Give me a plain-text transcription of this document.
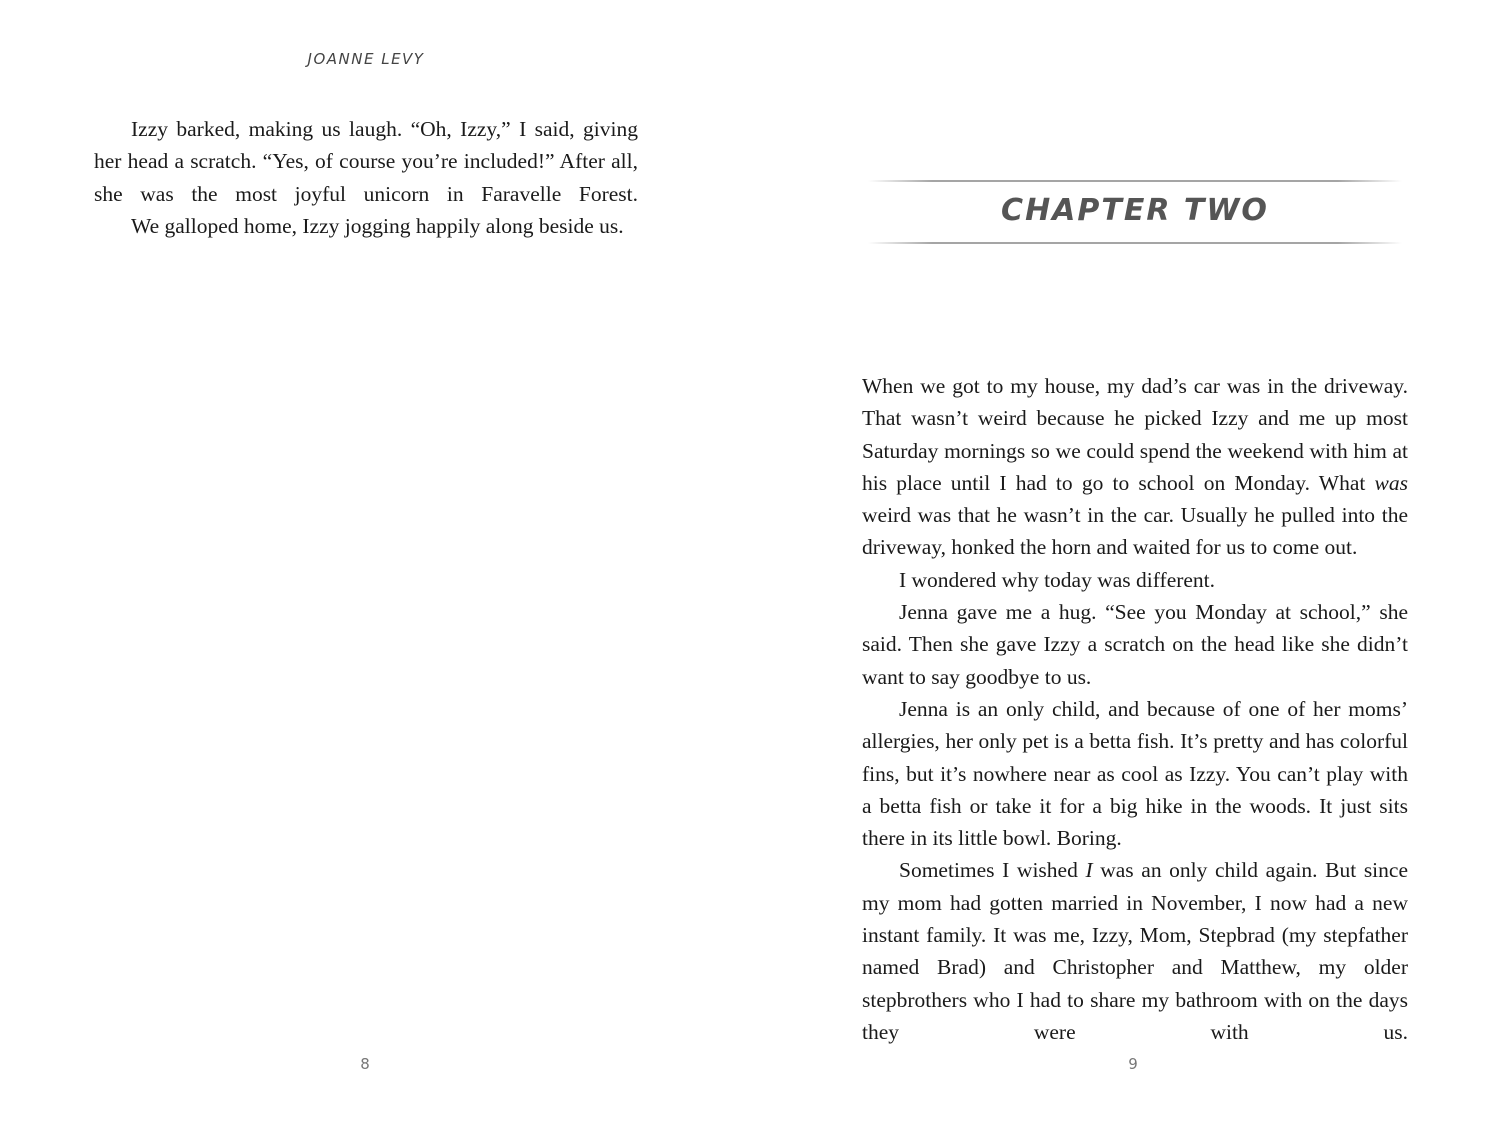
JOANNE LEVY

Izzy barked, making us laugh. “Oh, Izzy,” I said, giving her head a scratch. “Yes, of course you’re included!” After all, she was the most joyful unicorn in Faravelle Forest.

We galloped home, Izzy jogging happily along beside us.

8
CHAPTER TWO

When we got to my house, my dad’s car was in the driveway. That wasn’t weird because he picked Izzy and me up most Saturday mornings so we could spend the weekend with him at his place until I had to go to school on Monday. What was weird was that he wasn’t in the car. Usually he pulled into the driveway, honked the horn and waited for us to come out.

I wondered why today was different.

Jenna gave me a hug. “See you Monday at school,” she said. Then she gave Izzy a scratch on the head like she didn’t want to say goodbye to us.

Jenna is an only child, and because of one of her moms’ allergies, her only pet is a betta fish. It’s pretty and has colorful fins, but it’s nowhere near as cool as Izzy. You can’t play with a betta fish or take it for a big hike in the woods. It just sits there in its little bowl. Boring.

Sometimes I wished I was an only child again. But since my mom had gotten married in November, I now had a new instant family. It was me, Izzy, Mom, Stepbrad (my stepfather named Brad) and Christopher and Matthew, my older stepbrothers who I had to share my bathroom with on the days they were with us.

9
